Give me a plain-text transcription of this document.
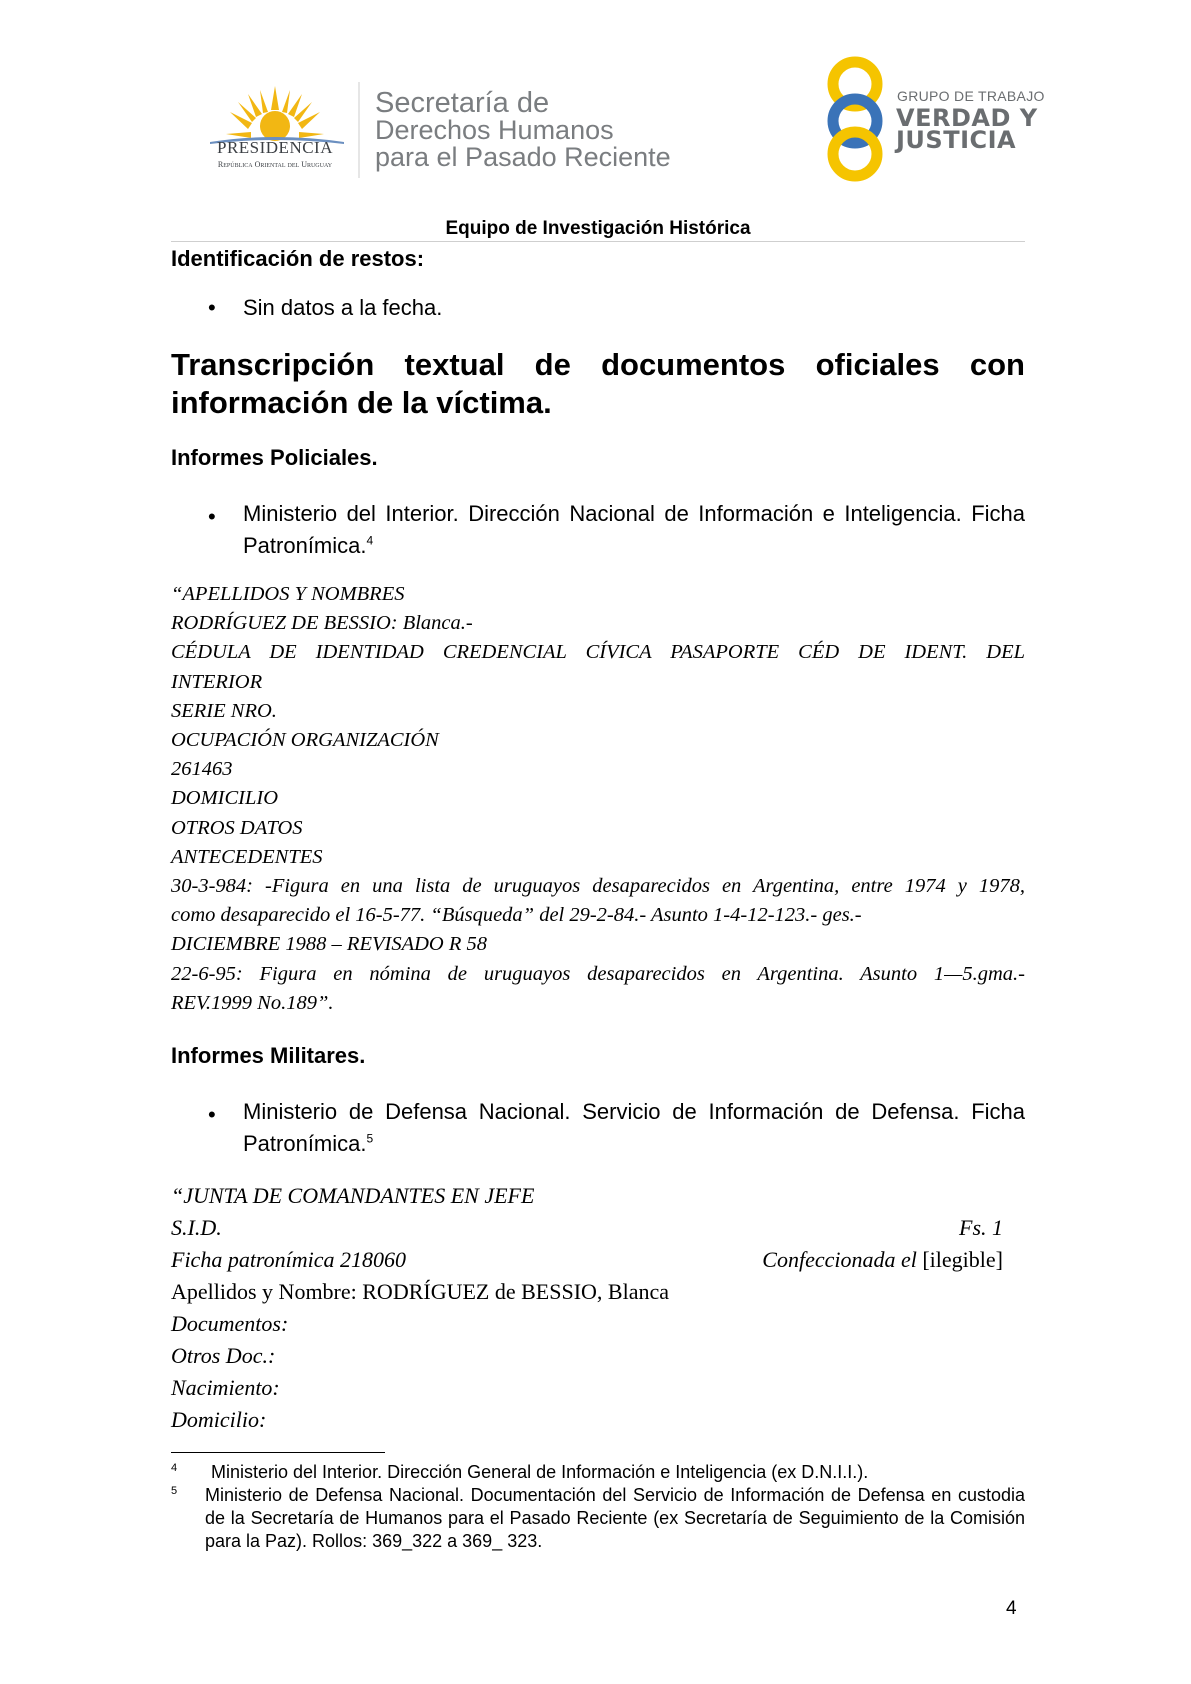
PRESIDENCIA
República Oriental del Uruguay
Secretaría de
Derechos Humanos
para el Pasado Reciente
GRUPO DE TRABAJO
VERDAD Y
JUSTICIA
Equipo de Investigación Histórica
Identificación de restos:
• Sin datos a la fecha.
Transcripción textual de documentos oficiales con información de la víctima.
Informes Policiales.
• Ministerio del Interior. Dirección Nacional de Información e Inteligencia. Ficha Patronímica.$^4$
“APELLIDOS Y NOMBRES
RODRÍGUEZ DE BESSIO: Blanca.-
CÉDULA DE IDENTIDAD CREDENCIAL CÍVICA PASAPORTE CÉD DE IDENT. DEL
INTERIOR
SERIE NRO.
OCUPACIÓN ORGANIZACIÓN
261463
DOMICILIO
OTROS DATOS
ANTECEDENTES
30-3-984: -Figura en una lista de uruguayos desaparecidos en Argentina, entre 1974 y 1978,
como desaparecido el 16-5-77. “Búsqueda” del 29-2-84.- Asunto 1-4-12-123.- ges.-
DICIEMBRE 1988 – REVISADO R 58
22-6-95: Figura en nómina de uruguayos desaparecidos en Argentina. Asunto 1—5.gma.-
REV.1999 No.189”.
Informes Militares.
• Ministerio de Defensa Nacional. Servicio de Información de Defensa. Ficha Patronímica.$^5$
“JUNTA DE COMANDANTES EN JEFE
S.I.D.	Fs. 1
Ficha patronímica 218060	Confeccionada el [ilegible]
Apellidos y Nombre: RODRÍGUEZ de BESSIO, Blanca
Documentos:
Otros Doc.:
Nacimiento:
Domicilio:
4 Ministerio del Interior. Dirección General de Información e Inteligencia (ex D.N.I.I.).
5 Ministerio de Defensa Nacional. Documentación del Servicio de Información de Defensa en custodia de la Secretaría de Humanos para el Pasado Reciente (ex Secretaría de Seguimiento de la Comisión para la Paz). Rollos: 369_322 a 369_ 323.
4
